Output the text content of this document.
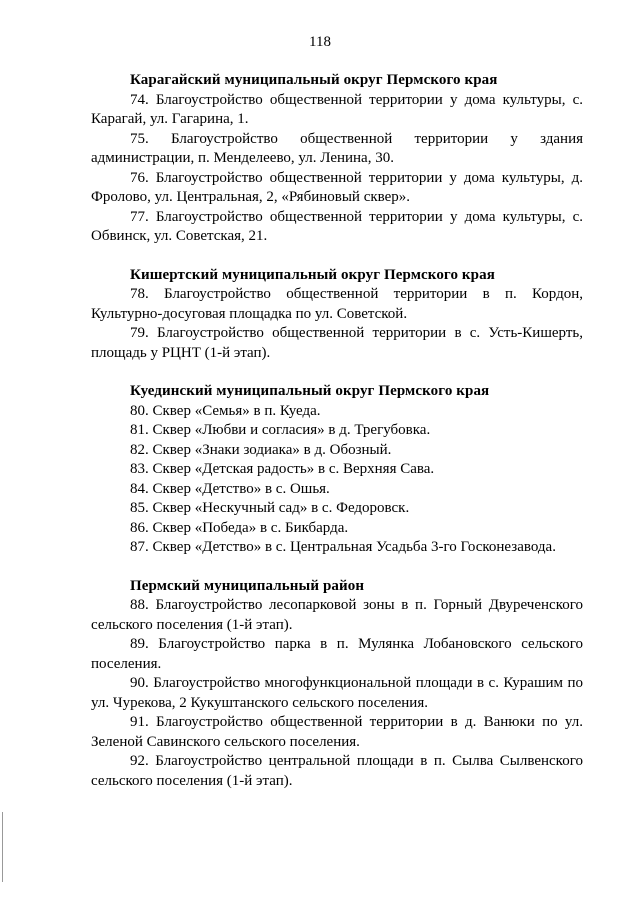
118

Карагайский муниципальный округ Пермского края

74. Благоустройство общественной территории у дома культуры, с. Карагай, ул. Гагарина, 1.

75. Благоустройство общественной территории у здания администрации, п. Менделеево, ул. Ленина, 30.

76. Благоустройство общественной территории у дома культуры, д. Фролово, ул. Центральная, 2, «Рябиновый сквер».

77. Благоустройство общественной территории у дома культуры, с. Обвинск, ул. Советская, 21.

Кишертский муниципальный округ Пермского края

78. Благоустройство общественной территории в п. Кордон, Культурно-досуговая площадка по ул. Советской.

79. Благоустройство общественной территории в с. Усть-Кишерть, площадь у РЦНТ (1-й этап).

Куединский муниципальный округ Пермского края

80. Сквер «Семья» в п. Куеда.

81. Сквер «Любви и согласия» в д. Трегубовка.

82. Сквер «Знаки зодиака» в д. Обозный.

83. Сквер «Детская радость» в с. Верхняя Сава.

84. Сквер «Детство» в с. Ошья.

85. Сквер «Нескучный сад» в с. Федоровск.

86. Сквер «Победа» в с. Бикбарда.

87. Сквер «Детство» в с. Центральная Усадьба 3-го Госконезавода.

Пермский муниципальный район

88. Благоустройство лесопарковой зоны в п. Горный Двуреченского сельского поселения (1-й этап).

89. Благоустройство парка в п. Мулянка Лобановского сельского поселения.

90. Благоустройство многофункциональной площади в с. Курашим по ул. Чурекова, 2 Кукуштанского сельского поселения.

91. Благоустройство общественной территории в д. Ванюки по ул. Зеленой Савинского сельского поселения.

92. Благоустройство центральной площади в п. Сылва Сылвенского сельского поселения (1-й этап).
